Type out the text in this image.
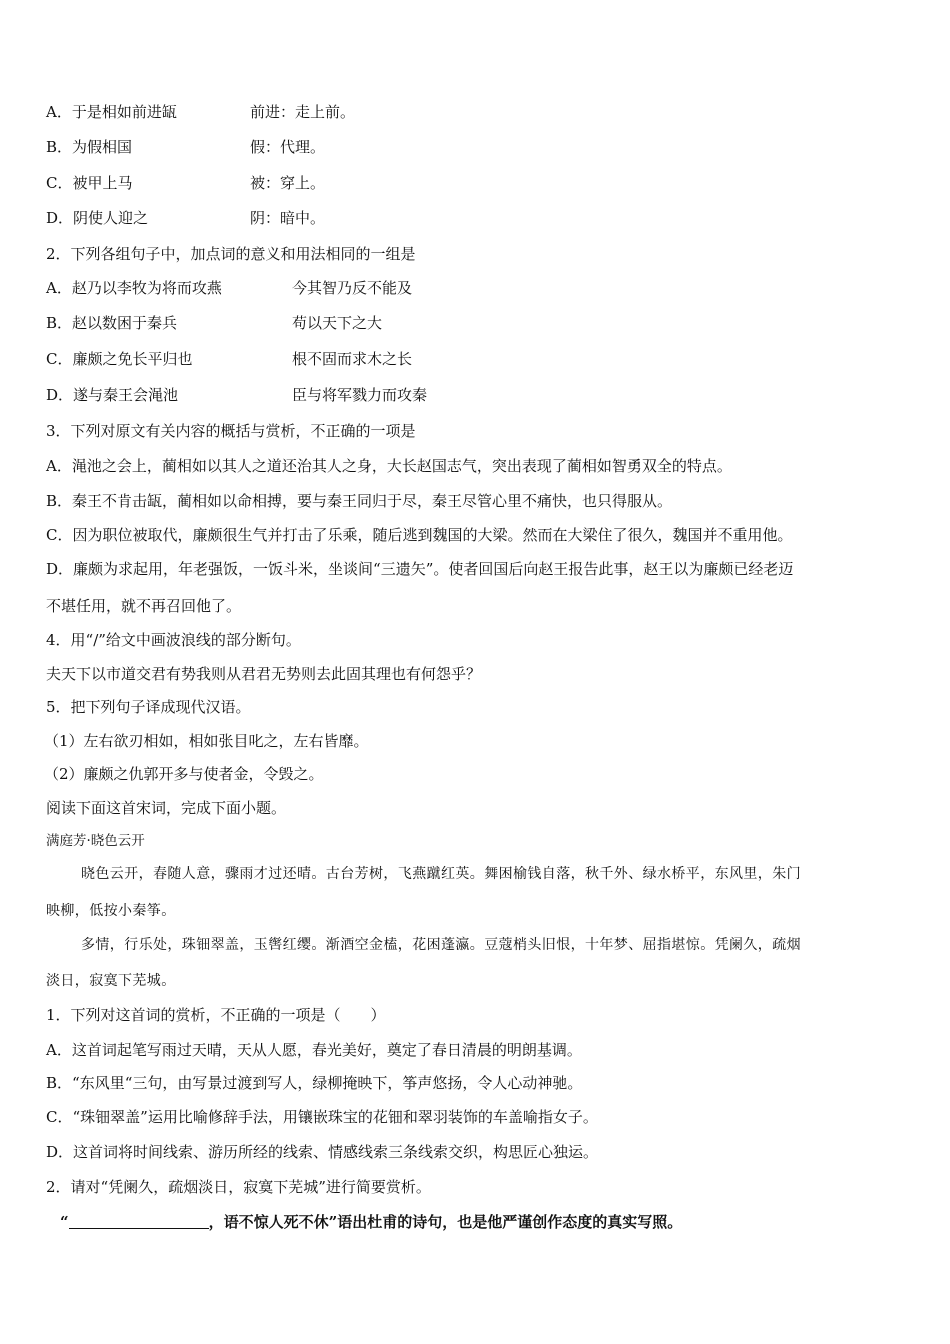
A．于是相如前进缻	前进：走上前。
B．为假相国	假：代理。
C．被甲上马	被：穿上。
D．阴使人迎之	阴：暗中。
2．下列各组句子中，加点词的意义和用法相同的一组是
A．赵乃以李牧为将而攻燕	今其智乃反不能及
B．赵以数困于秦兵	苟以天下之大
C．廉颇之免长平归也	根不固而求木之长
D．遂与秦王会渑池	臣与将军戮力而攻秦
3．下列对原文有关内容的概括与赏析，不正确的一项是
A．渑池之会上，蔺相如以其人之道还治其人之身，大长赵国志气，突出表现了蔺相如智勇双全的特点。
B．秦王不肯击缻，蔺相如以命相搏，要与秦王同归于尽，秦王尽管心里不痛快，也只得服从。
C．因为职位被取代，廉颇很生气并打击了乐乘，随后逃到魏国的大梁。然而在大梁住了很久，魏国并不重用他。
D．廉颇为求起用，年老强饭，一饭斗米，坐谈间“三遗矢”。使者回国后向赵王报告此事，赵王以为廉颇已经老迈
不堪任用，就不再召回他了。
4．用“/”给文中画波浪线的部分断句。
夫天下以市道交君有势我则从君君无势则去此固其理也有何怨乎？
5．把下列句子译成现代汉语。
（1）左右欲刃相如，相如张目叱之，左右皆靡。
（2）廉颇之仇郭开多与使者金，令毁之。
阅读下面这首宋词，完成下面小题。
满庭芳·晓色云开
晓色云开，春随人意，骤雨才过还晴。古台芳树，飞燕蹴红英。舞困榆钱自落，秋千外、绿水桥平，东风里，朱门
映柳，低按小秦筝。
多情，行乐处，珠钿翠盖，玉辔红缨。渐酒空金榼，花困蓬瀛。豆蔻梢头旧恨，十年梦、屈指堪惊。凭阑久，疏烟
淡日，寂寞下芜城。
1．下列对这首词的赏析，不正确的一项是（　　）
A．这首词起笔写雨过天晴，天从人愿，春光美好，奠定了春日清晨的明朗基调。
B．“东风里“三句，由写景过渡到写人，绿柳掩映下，筝声悠扬，令人心动神驰。
C．“珠钿翠盖”运用比喻修辞手法，用镶嵌珠宝的花钿和翠羽装饰的车盖喻指女子。
D．这首词将时间线索、游历所经的线索、情感线索三条线索交织，构思匠心独运。
2．请对“凭阑久，疏烟淡日，寂寞下芜城”进行简要赏析。
“	，语不惊人死不休”语出杜甫的诗句，也是他严谨创作态度的真实写照。
